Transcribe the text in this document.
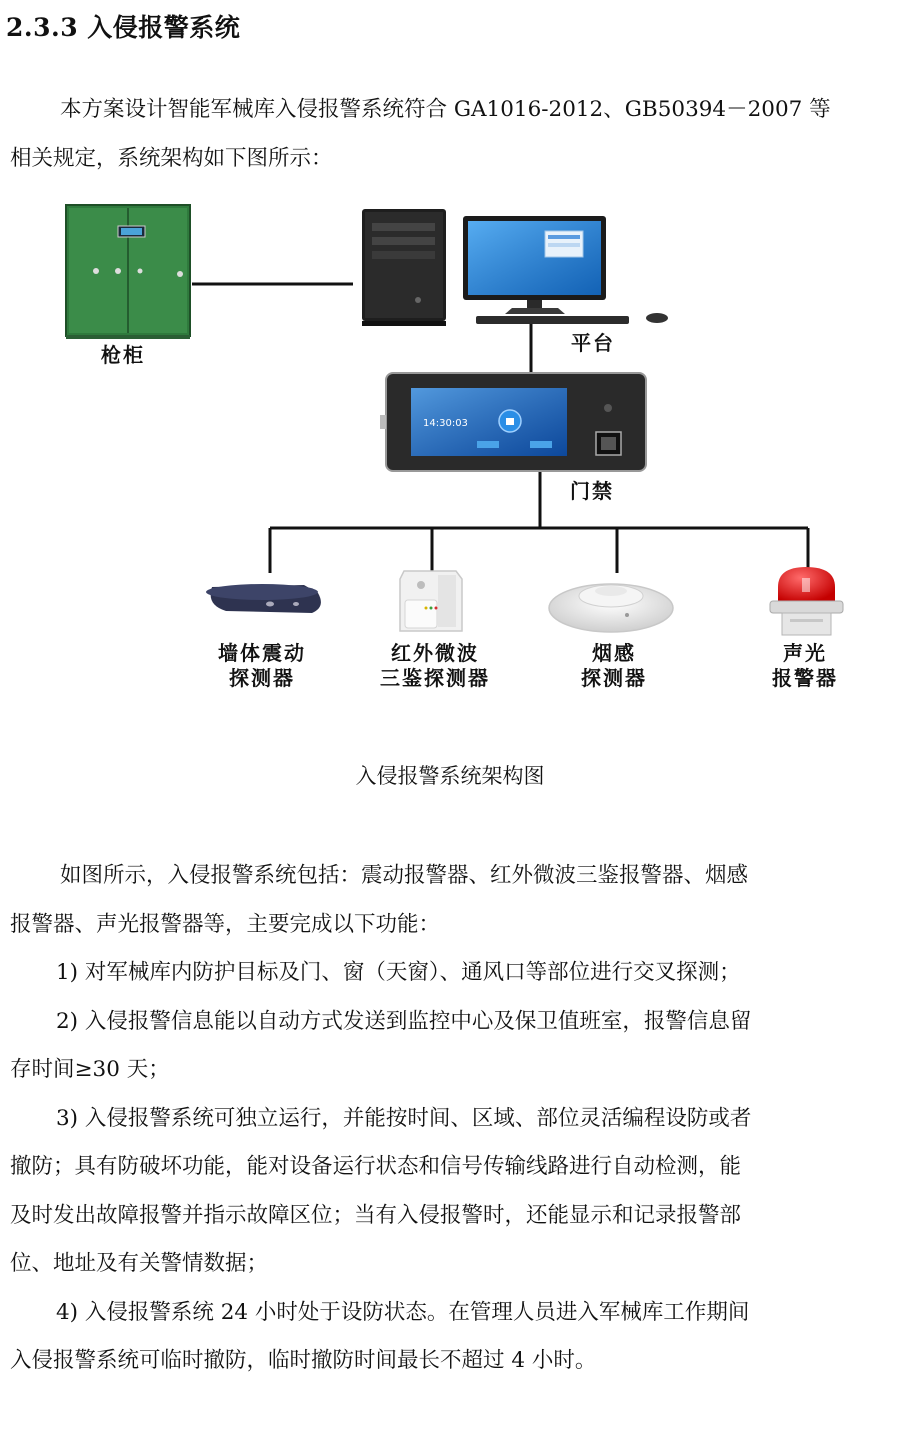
2.3.3 入侵报警系统
本方案设计智能军械库入侵报警系统符合 GA1016-2012、GB50394－2007 等
相关规定，系统架构如下图所示：
14:30:03
枪柜	平台
门禁
墙体震动
探测器
红外微波
三鉴探测器
烟感
探测器
声光
报警器
入侵报警系统架构图
如图所示，入侵报警系统包括：震动报警器、红外微波三鉴报警器、烟感
报警器、声光报警器等，主要完成以下功能：
1) 对军械库内防护目标及门、窗（天窗）、通风口等部位进行交叉探测；
2) 入侵报警信息能以自动方式发送到监控中心及保卫值班室，报警信息留
存时间≥30 天；
3) 入侵报警系统可独立运行，并能按时间、区域、部位灵活编程设防或者
撤防；具有防破坏功能，能对设备运行状态和信号传输线路进行自动检测，能
及时发出故障报警并指示故障区位；当有入侵报警时，还能显示和记录报警部
位、地址及有关警情数据；
4) 入侵报警系统 24 小时处于设防状态。在管理人员进入军械库工作期间
入侵报警系统可临时撤防，临时撤防时间最长不超过 4 小时。
